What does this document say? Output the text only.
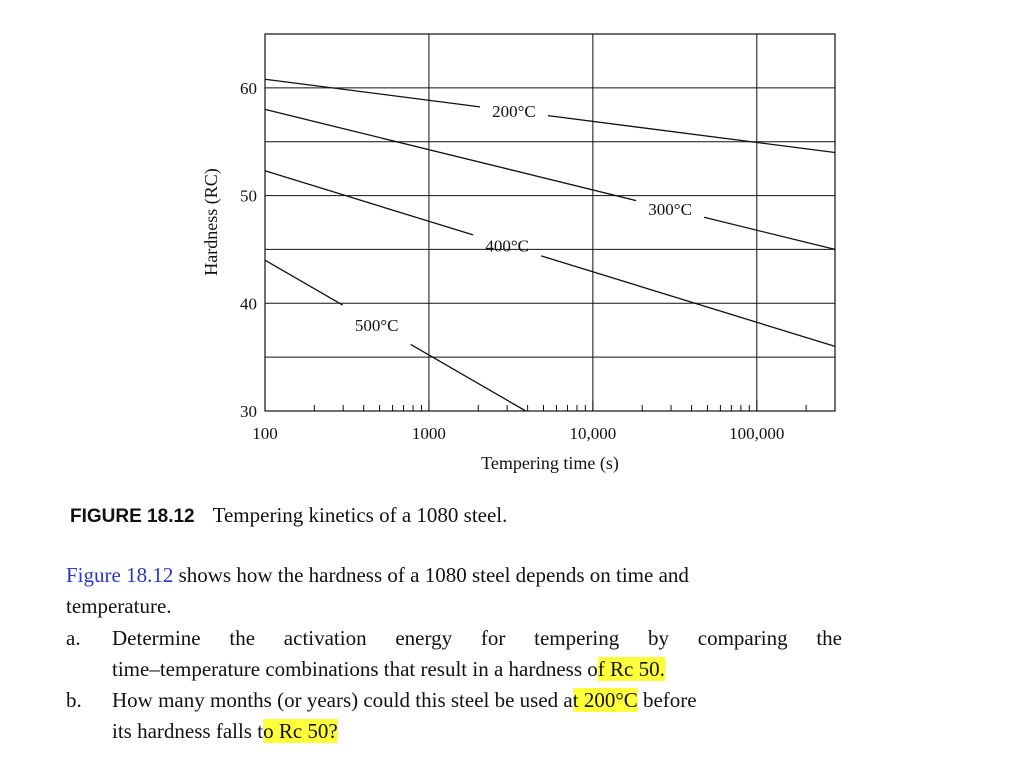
200°C
300°C
400°C
500°C
100	1000	10,000	100,000
30
40
50
60
Tempering time (s)
Hardness (RC)
FIGURE 18.12 Tempering kinetics of a 1080 steel.
Figure 18.12 shows how the hardness of a 1080 steel depends on time and
temperature.
a. Determine the activation energy for tempering by comparing the
time–temperature combinations that result in a hardness of Rc 50.
b. How many months (or years) could this steel be used at 200°C before
its hardness falls to Rc 50?
